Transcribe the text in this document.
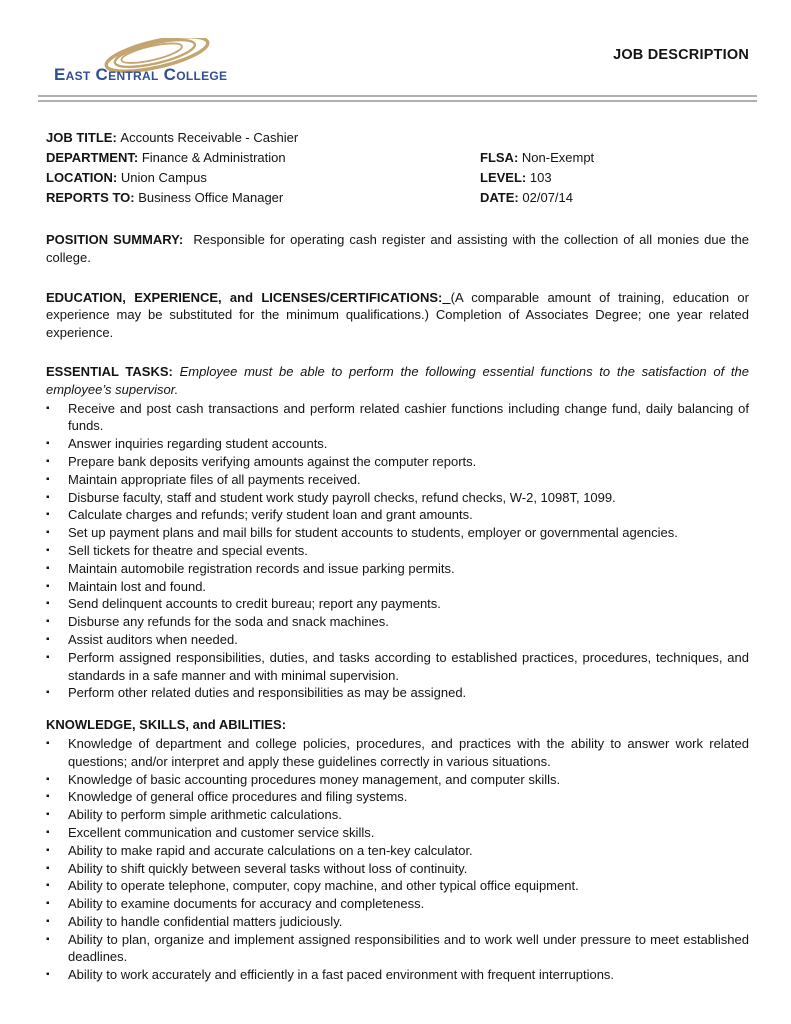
East Central College
JOB DESCRIPTION
JOB TITLE: Accounts Receivable - Cashier
DEPARTMENT: Finance & Administration
LOCATION: Union Campus
REPORTS TO: Business Office Manager
FLSA: Non-Exempt
LEVEL: 103
DATE: 02/07/14
POSITION SUMMARY: Responsible for operating cash register and assisting with the collection of all monies due the college.
EDUCATION, EXPERIENCE, and LICENSES/CERTIFICATIONS: (A comparable amount of training, education or experience may be substituted for the minimum qualifications.) Completion of Associates Degree; one year related experience.
ESSENTIAL TASKS: Employee must be able to perform the following essential functions to the satisfaction of the employee’s supervisor.
▪	Receive and post cash transactions and perform related cashier functions including change fund, daily balancing of funds.
▪	Answer inquiries regarding student accounts.
▪	Prepare bank deposits verifying amounts against the computer reports.
▪	Maintain appropriate files of all payments received.
▪	Disburse faculty, staff and student work study payroll checks, refund checks, W-2, 1098T, 1099.
▪	Calculate charges and refunds; verify student loan and grant amounts.
▪	Set up payment plans and mail bills for student accounts to students, employer or governmental agencies.
▪	Sell tickets for theatre and special events.
▪	Maintain automobile registration records and issue parking permits.
▪	Maintain lost and found.
▪	Send delinquent accounts to credit bureau; report any payments.
▪	Disburse any refunds for the soda and snack machines.
▪	Assist auditors when needed.
▪	Perform assigned responsibilities, duties, and tasks according to established practices, procedures, techniques, and standards in a safe manner and with minimal supervision.
▪	Perform other related duties and responsibilities as may be assigned.
KNOWLEDGE, SKILLS, and ABILITIES:
▪	Knowledge of department and college policies, procedures, and practices with the ability to answer work related questions; and/or interpret and apply these guidelines correctly in various situations.
▪	Knowledge of basic accounting procedures money management, and computer skills.
▪	Knowledge of general office procedures and filing systems.
▪	Ability to perform simple arithmetic calculations.
▪	Excellent communication and customer service skills.
▪	Ability to make rapid and accurate calculations on a ten-key calculator.
▪	Ability to shift quickly between several tasks without loss of continuity.
▪	Ability to operate telephone, computer, copy machine, and other typical office equipment.
▪	Ability to examine documents for accuracy and completeness.
▪	Ability to handle confidential matters judiciously.
▪	Ability to plan, organize and implement assigned responsibilities and to work well under pressure to meet established deadlines.
▪	Ability to work accurately and efficiently in a fast paced environment with frequent interruptions.
